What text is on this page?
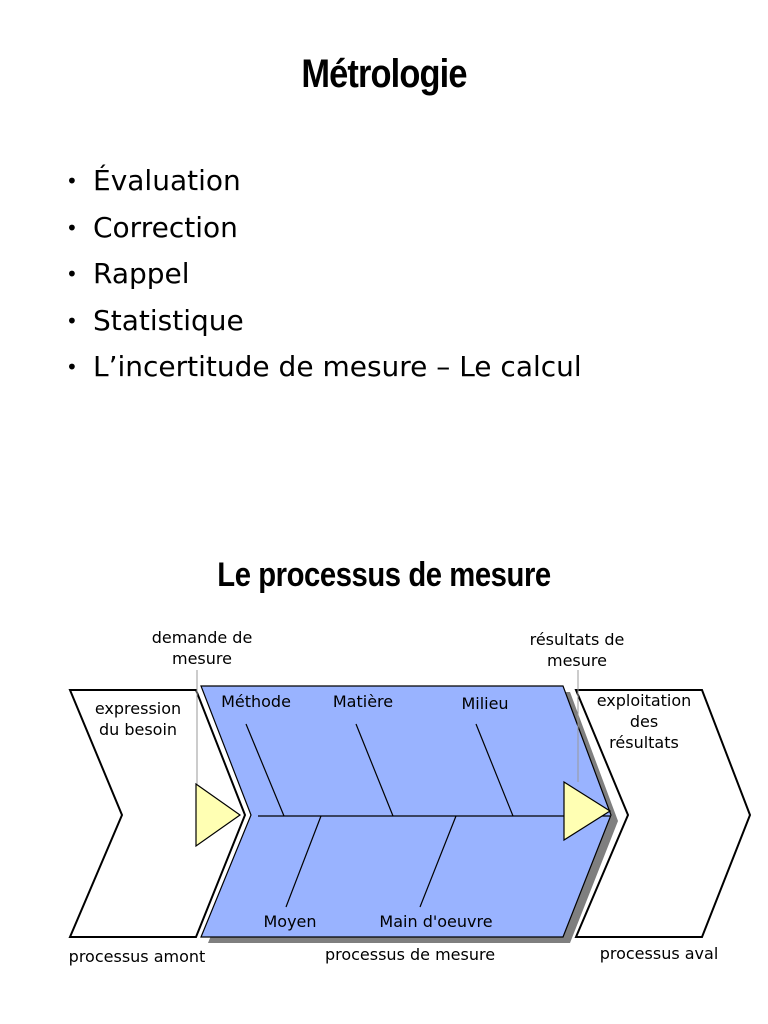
Métrologie
• Évaluation
• Correction
• Rappel
• Statistique
• L’incertitude de mesure – Le calcul
Le processus de mesure
demande de
mesure
résultats de
mesure
expression
du besoin
exploitation
des
résultats
Méthode	Matière	Milieu
Moyen	Main d'oeuvre
processus amont	processus de mesure	processus aval
